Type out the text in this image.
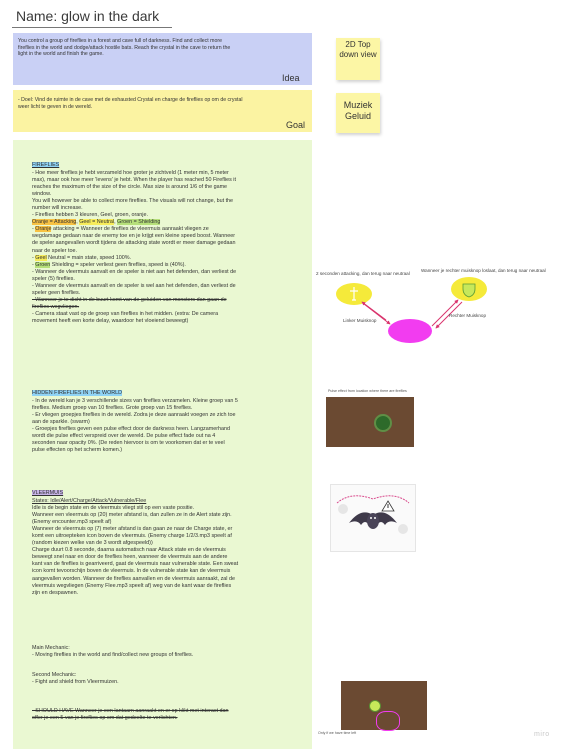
Name: glow in the dark
You control a group of fireflies in a forest and cave full of darkness. Find and collect more
fireflies in the world and dodge/attack hostile bats. Reach the crystal in the cave to return the
light in the world and finish the game.
Idea
2D Top down view
Muziek Geluid
- Doel: Vind de ruimte in de cave met de exhausted Crystal en charge de fireflies op om de crystal
weer licht te geven in de wereld.
Goal
FIREFLIES
- Hoe meer fireflies je hebt verzameld hoe groter je zichtveld (1 meter min, 5 meter
max), maar ook hoe meer 'levens' je hebt. When the player has reached 50 Fireflies it
reaches the maximum of the size of the circle. Max size is around 1/6 of the game
window.
You will however be able to collect more fireflies. The visuals will not change, but the
number will increase.
- Fireflies hebben 3 kleuren, Geel, groen, oranje.
Oranje = Attacking, Geel = Neutral, Groen = Shielding
- Oranje attacking = Wanneer de fireflies de vleermuis aanraakt vliegen ze
wegdamage gedaan naar de enemy toe en je krijgt een kleine speed boost. Wanneer
de speler aangevallen wordt tijdens de attacking state wordt er meer damage gedaan
naar de speler toe.
- Geel Neutral = main state, speed 100%.
- Groen Shielding = speler verliest geen fireflies, speed is (40%).
- Wanneer de vleermuis aanvalt en de speler is niet aan het defenden, dan verliest de
speler (5) fireflies.
- Wanneer de vleermuis aanvalt en de speler is wel aan het defenden, dan verliest de
speler geen fireflies.
- Wanneer je te dicht in de buurt komt van de geluiden van monsters dan gaan de
fireflies wegvliegen.
- Camera staat vast op de groep van fireflies in het midden. (extra: De camera
movement heeft een korte delay, waardoor het vloeiend beweegt)
HIDDEN FIREFLIES IN THE WORLD
- In de wereld kan je 3 verschillende sizes van fireflies verzamelen. Kleine groep van 5
fireflies. Medium groep van 10 fireflies. Grote groep van 15 fireflies.
- Er vliegen groepjes fireflies in de wereld. Zodra je deze aanraakt voegen ze zich toe
aan de sparkle. (swarm)
- Groepjes fireflies geven een pulse effect door de darkness heen. Langzamerhand
wordt die pulse effect verspreid over de wereld. De pulse effect fade out na 4
seconden naar opacity 0%. (De reden hiervoor is om te voorkomen dat er te veel
pulse effecten op het scherm komen.)
VLEERMUIS
States: Idle/Alert/Charge/Attack/Vulnerable/Flee
Idle is de begin state en de vleermuis vliegt stil op een vaste positie.
Wanneer een vleermuis op (20) meter afstand is, dan zullen ze in de Alert state zijn.
(Enemy encounter.mp3 speelt af)
Wanneer de vleermuis op (7) meter afstand is dan gaan ze naar de Charge state, er
komt een uitroepteken icon boven de vleermuis. (Enemy charge 1/2/3.mp3 speelt af
(random kiezen welke van de 3 wordt afgespeeld))
Charge duurt 0.8 seconde, daarna automatisch naar Attack state en de vleermuis
beweegt snel naar en door de fireflies heen, wanneer de vleermuis aan de andere
kant van de fireflies is gearriveerd, gaat de vleermuis naar vulnerable state. Een sweat
icon komt tevoorschijn boven de vleermuis. In de vulnerable state kan de vleermuis
aangevallen worden. Wanneer de fireflies aanvallen en de vleermuis aanraakt, zal de
vleermuis wegvliegen (Enemy Flee.mp3 speelt af) weg van de kant waar de fireflies
zijn en despawnen.
Main Mechanic:
- Moving fireflies in the world and find/collect new groups of fireflies.
Second Mechanic:
- Fight and shield from Vleermuizen.
- SHOULD HAVE Wanneer je een lantaarn aanraakt en er op klikt met interact dan
offer je een 5 van je fireflies op om dat gedeelte te verlichten.
2 seconden attacking, dan terug naar neutraal
Wanneer je rechter muisknop loslaat, dan terug naar neutraal
Linker Muisknop
Rechter Muisknop
Pulse effect from location where there are fireflies
Only if we have time left	miro
